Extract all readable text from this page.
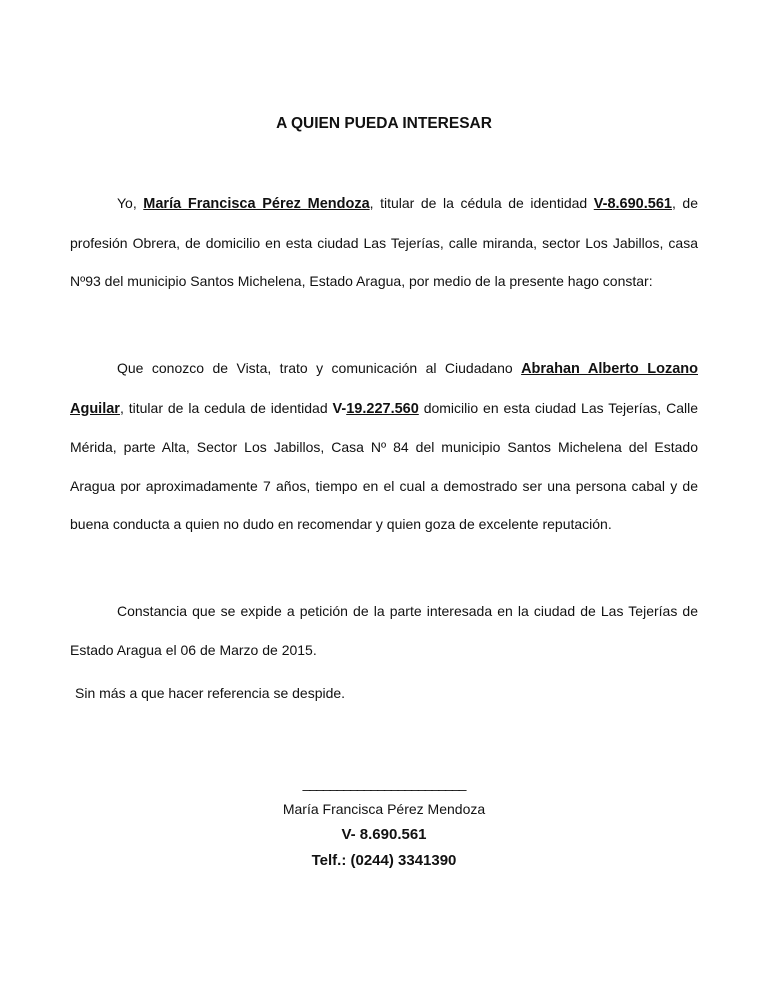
A QUIEN PUEDA INTERESAR

Yo, María Francisca Pérez Mendoza, titular de la cédula de identidad V-8.690.561, de profesión Obrera, de domicilio en esta ciudad Las Tejerías, calle miranda, sector Los Jabillos, casa Nº93 del municipio Santos Michelena, Estado Aragua, por medio de la presente hago constar:

Que conozco de Vista, trato y comunicación al Ciudadano Abrahan Alberto Lozano Aguilar, titular de la cedula de identidad V-19.227.560 domicilio en esta ciudad Las Tejerías, Calle Mérida, parte Alta, Sector Los Jabillos, Casa Nº 84 del municipio Santos Michelena del Estado Aragua por aproximadamente 7 años, tiempo en el cual a demostrado ser una persona cabal y de buena conducta a quien no dudo en recomendar y quien goza de excelente reputación.

Constancia que se expide a petición de la parte interesada en la ciudad de Las Tejerías de Estado Aragua el 06 de Marzo de 2015.

Sin más a que hacer referencia se despide.

________________________
María Francisca Pérez Mendoza
V- 8.690.561
Telf.: (0244) 3341390
